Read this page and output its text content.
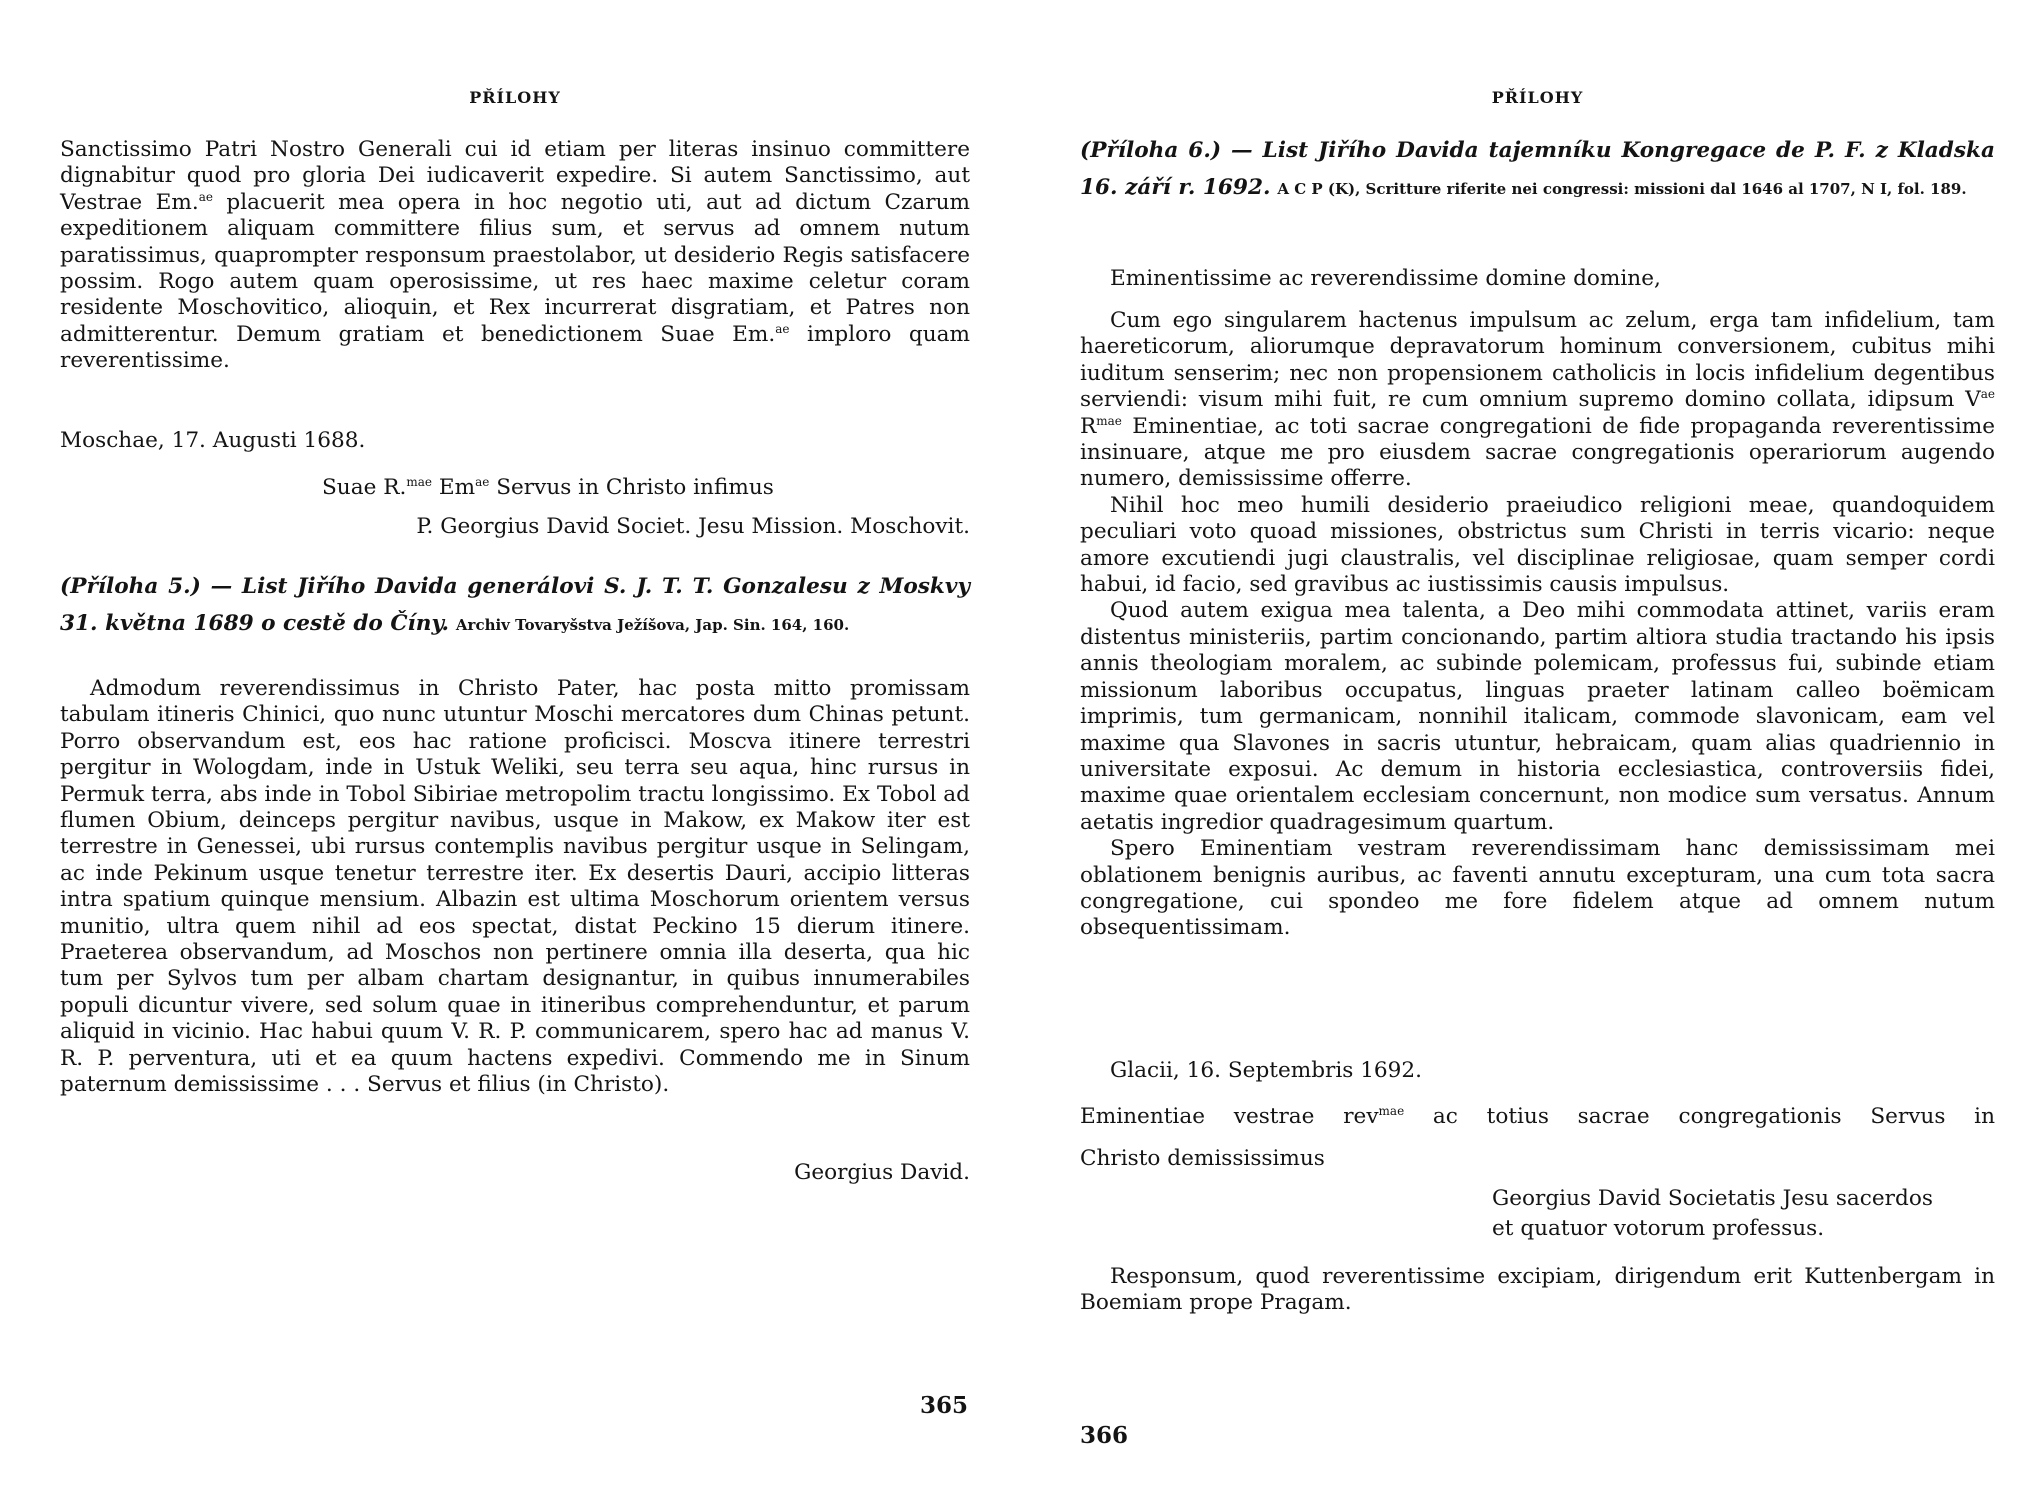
PŘÍLOHY

Sanctissimo Patri Nostro Generali cui id etiam per literas insinuo committere dignabitur quod pro gloria Dei iudicaverit expedire. Si autem Sanctissimo, aut Vestrae Em.$^{ae}$ placuerit mea opera in hoc negotio uti, aut ad dictum Czarum expeditionem aliquam committere filius sum, et servus ad omnem nutum paratissimus, quaprompter responsum praestolabor, ut desiderio Regis satisfacere possim. Rogo autem quam operosissime, ut res haec maxime celetur coram residente Moschovitico, alioquin, et Rex incurrerat disgratiam, et Patres non admitterentur. Demum gratiam et benedictionem Suae Em.$^{ae}$ imploro quam reverentissime.

Moschae, 17. Augusti 1688.
Suae R.$^{mae}$ $Em^{ae}$ Servus in Christo infimus
P. Georgius David Societ. Jesu Mission. Moschovit.
(Příloha 5.) — List Jiřího Davida generálovi S. J. T. T. Gonzalesu z Moskvy 31. května 1689 o cestě do Číny. Archiv Tovaryšstva Ježíšova, Jap. Sin. 164, 160.

Admodum reverendissimus in Christo Pater, hac posta mitto promissam tabulam itineris Chinici, quo nunc utuntur Moschi mercatores dum Chinas petunt. Porro observandum est, eos hac ratione proficisci. Moscva itinere terrestri pergitur in Wologdam, inde in Ustuk Weliki, seu terra seu aqua, hinc rursus in Permuk terra, abs inde in Tobol Sibiriae metropolim tractu longissimo. Ex Tobol ad flumen Obium, deinceps pergitur navibus, usque in Makow, ex Makow iter est terrestre in Genessei, ubi rursus contemplis navibus pergitur usque in Selingam, ac inde Pekinum usque tenetur terrestre iter. Ex desertis Dauri, accipio litteras intra spatium quinque mensium. Albazin est ultima Moschorum orientem versus munitio, ultra quem nihil ad eos spectat, distat Peckino 15 dierum itinere. Praeterea observandum, ad Moschos non pertinere omnia illa deserta, qua hic tum per Sylvos tum per albam chartam designantur, in quibus innumerabiles populi dicuntur vivere, sed solum quae in itineribus comprehenduntur, et parum aliquid in vicinio. Hac habui quum V. R. P. communicarem, spero hac ad manus V. R. P. perventura, uti et ea quum hactens expedivi. Commendo me in Sinum paternum demississime . . . Servus et filius (in Christo).

Georgius David.
365
PŘÍLOHY
(Příloha 6.) — List Jiřího Davida tajemníku Kongregace de P. F. z Kladska 16. září r. 1692. A C P (K), Scritture riferite nei congressi: missioni dal 1646 al 1707, N I, fol. 189.
Eminentissime ac reverendissime domine domine,

Cum ego singularem hactenus impulsum ac zelum, erga tam infidelium, tam haereticorum, aliorumque depravatorum hominum conversionem, cubitus mihi iuditum senserim; nec non propensionem catholicis in locis infidelium degentibus serviendi: visum mihi fuit, re cum omnium supremo domino collata, idipsum $V^{ae}$ $R^{mae}$ Eminentiae, ac toti sacrae congregationi de fide propaganda reverentissime insinuare, atque me pro eiusdem sacrae congregationis operariorum augendo numero, demississime offerre.

Nihil hoc meo humili desiderio praeiudico religioni meae, quandoquidem peculiari voto quoad missiones, obstrictus sum Christi in terris vicario: neque amore excutiendi jugi claustralis, vel disciplinae religiosae, quam semper cordi habui, id facio, sed gravibus ac iustissimis causis impulsus.

Quod autem exigua mea talenta, a Deo mihi commodata attinet, variis eram distentus ministeriis, partim concionando, partim altiora studia tractando his ipsis annis theologiam moralem, ac subinde polemicam, professus fui, subinde etiam missionum laboribus occupatus, linguas praeter latinam calleo boëmicam imprimis, tum germanicam, nonnihil italicam, commode slavonicam, eam vel maxime qua Slavones in sacris utuntur, hebraicam, quam alias quadriennio in universitate exposui. Ac demum in historia ecclesiastica, controversiis fidei, maxime quae orientalem ecclesiam concernunt, non modice sum versatus. Annum aetatis ingredior quadragesimum quartum.

Spero Eminentiam vestram reverendissimam hanc demississimam mei oblationem benignis auribus, ac faventi annutu excepturam, una cum tota sacra congregatione, cui spondeo me fore fidelem atque ad omnem nutum obsequentissimam.

Glacii, 16. Septembris 1692.

Eminentiae vestrae rev$^{mae}$ ac totius sacrae congregationis Servus in

Christo demississimus
Georgius David Societatis Jesu sacerdos
et quatuor votorum professus.

Responsum, quod reverentissime excipiam, dirigendum erit Kuttenbergam in Boemiam prope Pragam.

366
